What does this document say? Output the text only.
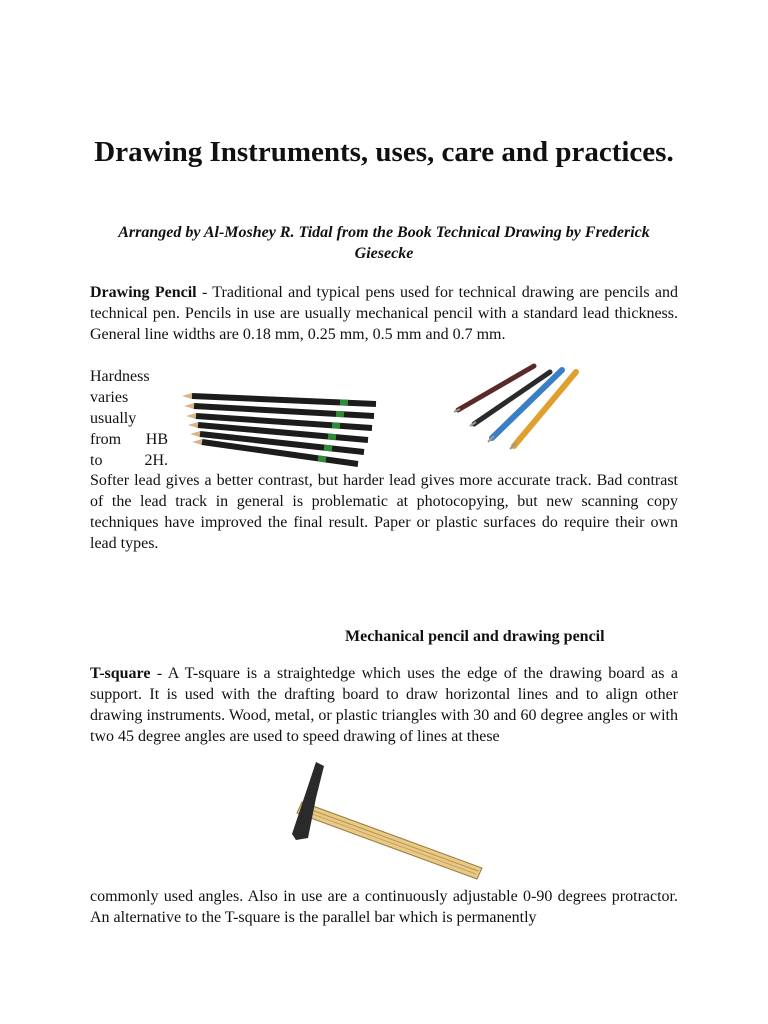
Drawing Instruments, uses, care and practices.
Arranged by Al-Moshey R. Tidal from the Book Technical Drawing by Frederick Giesecke
Drawing Pencil - Traditional and typical pens used for technical drawing are pencils and technical pen. Pencils in use are usually mechanical pencil with a standard lead thickness. General line widths are 0.18 mm, 0.25 mm, 0.5 mm and 0.7 mm.
Hardness
varies
usually
from HB
to	2H.
Softer lead gives a better contrast, but harder lead gives more accurate track. Bad contrast of the lead track in general is problematic at photocopying, but new scanning copy techniques have improved the final result. Paper or plastic surfaces do require their own lead types.
Mechanical pencil and drawing pencil
T-square - A T-square is a straightedge which uses the edge of the drawing board as a support. It is used with the drafting board to draw horizontal lines and to align other drawing instruments. Wood, metal, or plastic triangles with 30 and 60 degree angles or with two 45 degree angles are used to speed drawing of lines at these
commonly used angles. Also in use are a continuously adjustable 0-90 degrees protractor. An alternative to the T-square is the parallel bar which is permanently
